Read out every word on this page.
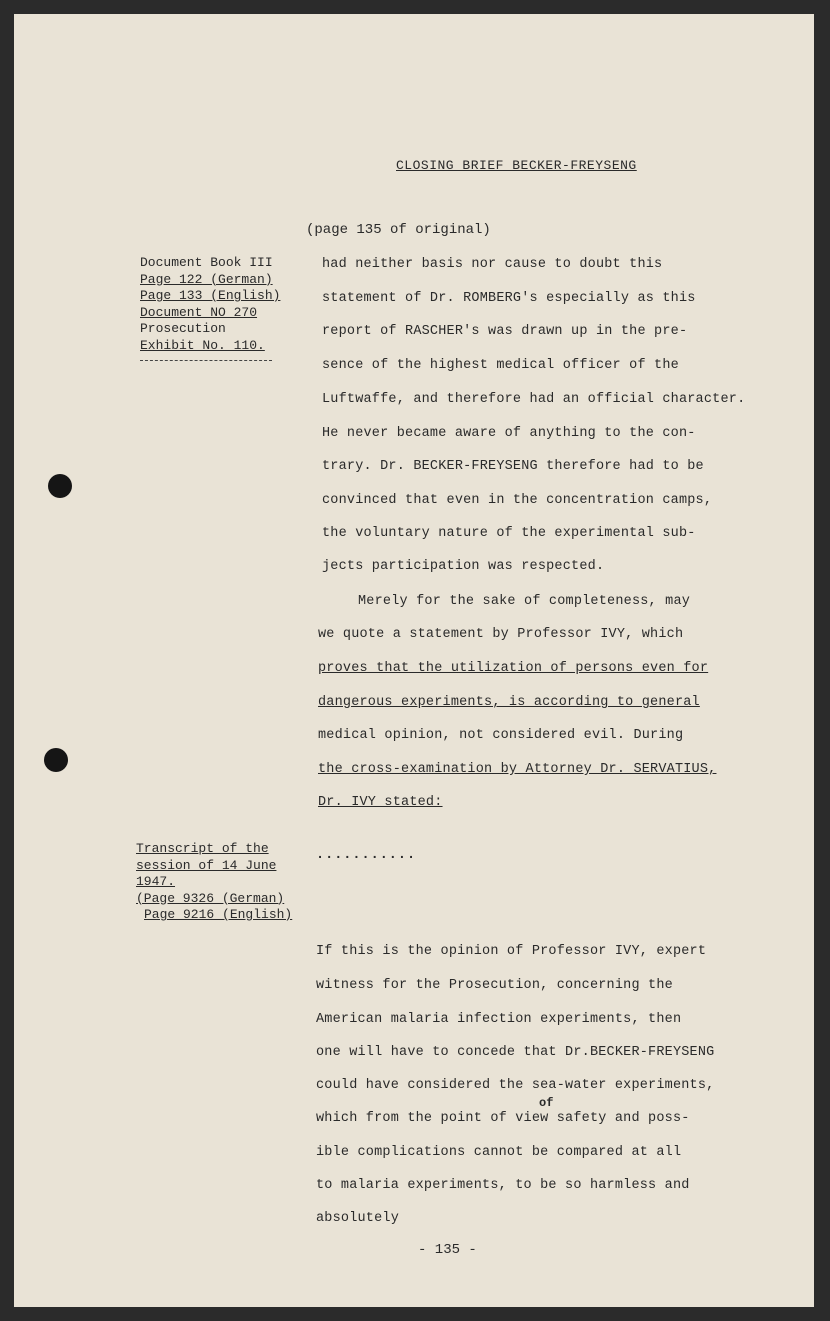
CLOSING BRIEF BECKER-FREYSENG
(page 135 of original)
Document Book III
Page 122 (German)
Page 133 (English)
Document NO 270
Prosecution
Exhibit No. 110.
had neither basis nor cause to doubt this
statement of Dr. ROMBERG's especially as this
report of RASCHER's was drawn up in the pre-
sence of the highest medical officer of the
Luftwaffe, and therefore had an official character.
He never became aware of anything to the con-
trary. Dr. BECKER-FREYSENG therefore had to be
convinced that even in the concentration camps,
the voluntary nature of the experimental sub-
jects participation was respected.
Merely for the sake of completeness, may
we quote a statement by Professor IVY, which
proves that the utilization of persons even for
dangerous experiments, is according to general
medical opinion, not considered evil. During
the cross-examination by Attorney Dr. SERVATIUS,
Dr. IVY stated:
Transcript of the
session of 14 June
1947.
(Page 9326 (German)
Page 9216 (English)
...........
If this is the opinion of Professor IVY, expert
witness for the Prosecution, concerning the
American malaria infection experiments, then
one will have to concede that Dr.BECKER-FREYSENG
could have considered the sea-water experiments,
of
which from the point of view safety and poss-
ible complications cannot be compared at all
to malaria experiments, to be so harmless and
absolutely
- 135 -
